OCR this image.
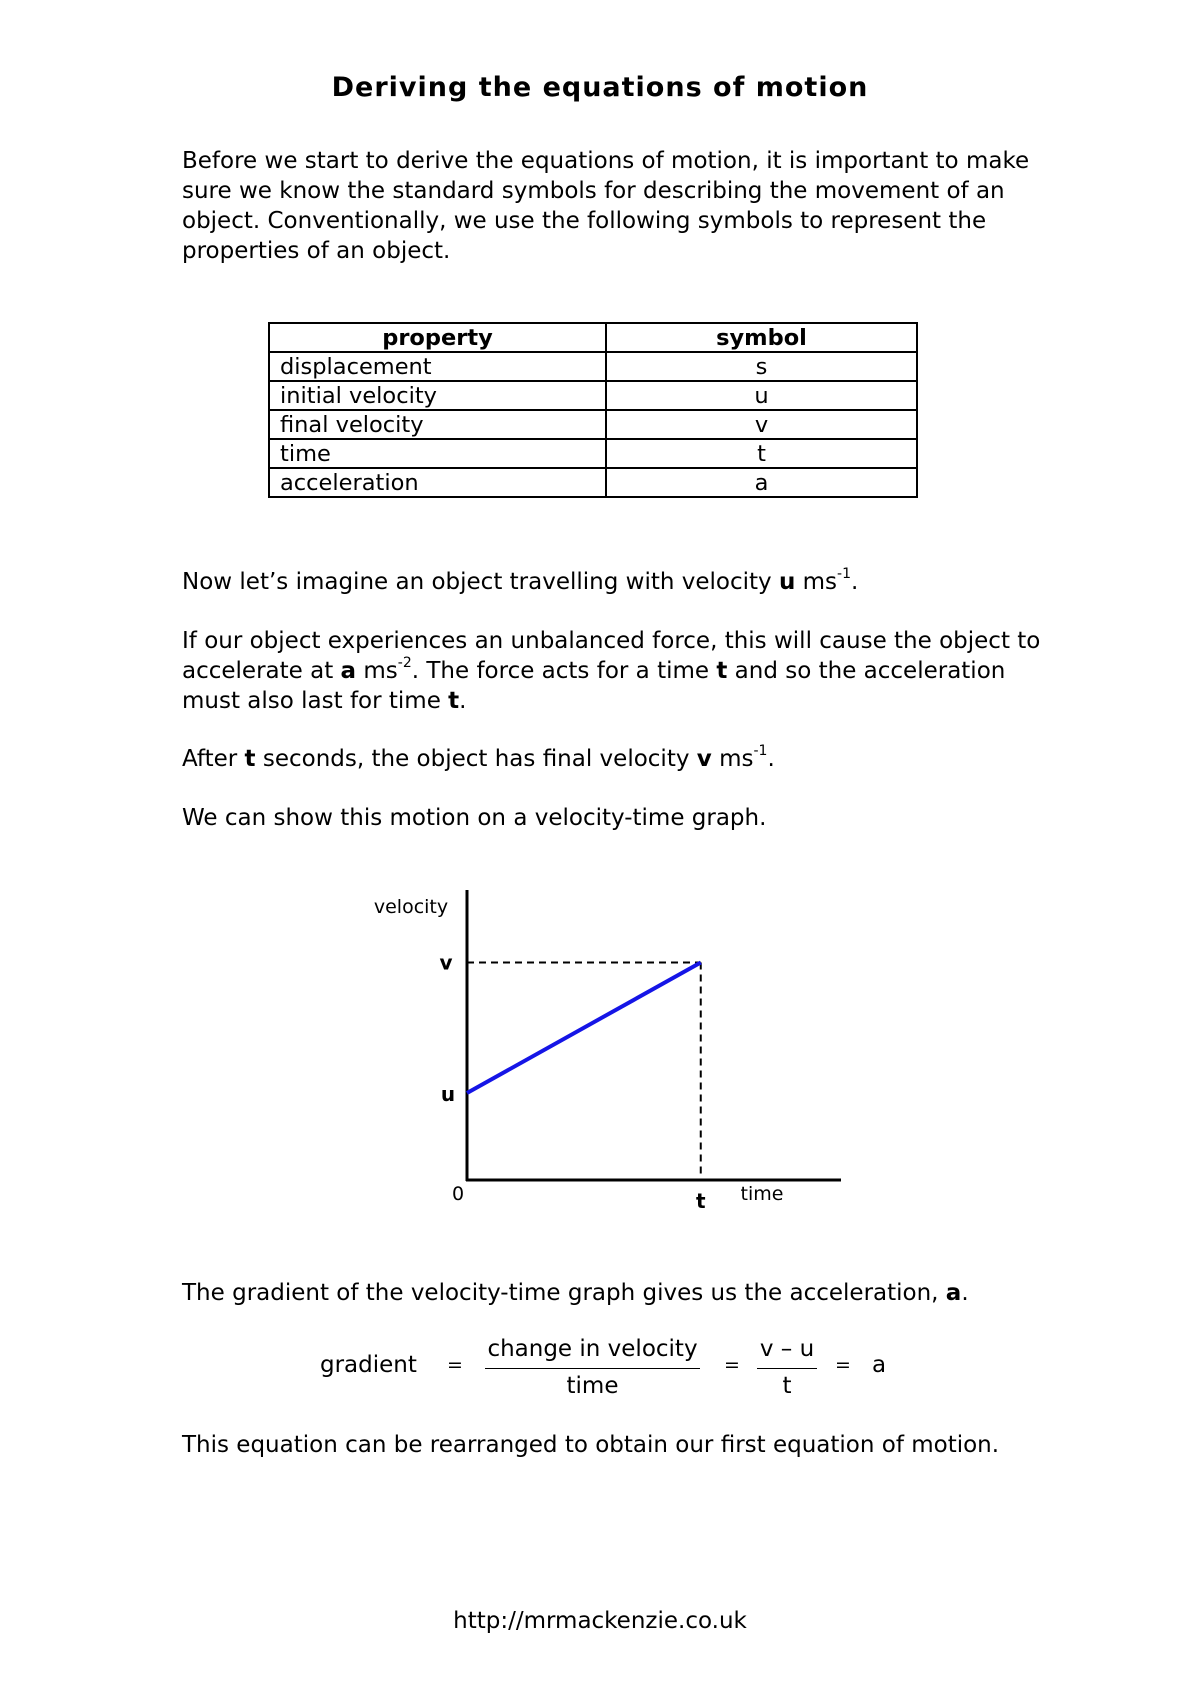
Deriving the equations of motion

Before we start to derive the equations of motion, it is important to make sure we know the standard symbols for describing the movement of an object. Conventionally, we use the following symbols to represent the properties of an object.

property	symbol
displacement	s
initial velocity	u
final velocity	v
time	t
acceleration	a

Now let’s imagine an object travelling with velocity u $ms^{-1}$.

If our object experiences an unbalanced force, this will cause the object to accelerate at a $ms^{-2}$. The force acts for a time t and so the acceleration must also last for time t.

After t seconds, the object has final velocity v $ms^{-1}$.

We can show this motion on a velocity-time graph.

velocity
time
0
v
u
t

The gradient of the velocity-time graph gives us the acceleration, a.

gradient =
change in velocity
time
= $\frac{v - u}{t} = a$

This equation can be rearranged to obtain our first equation of motion.

http://mrmackenzie.co.uk
